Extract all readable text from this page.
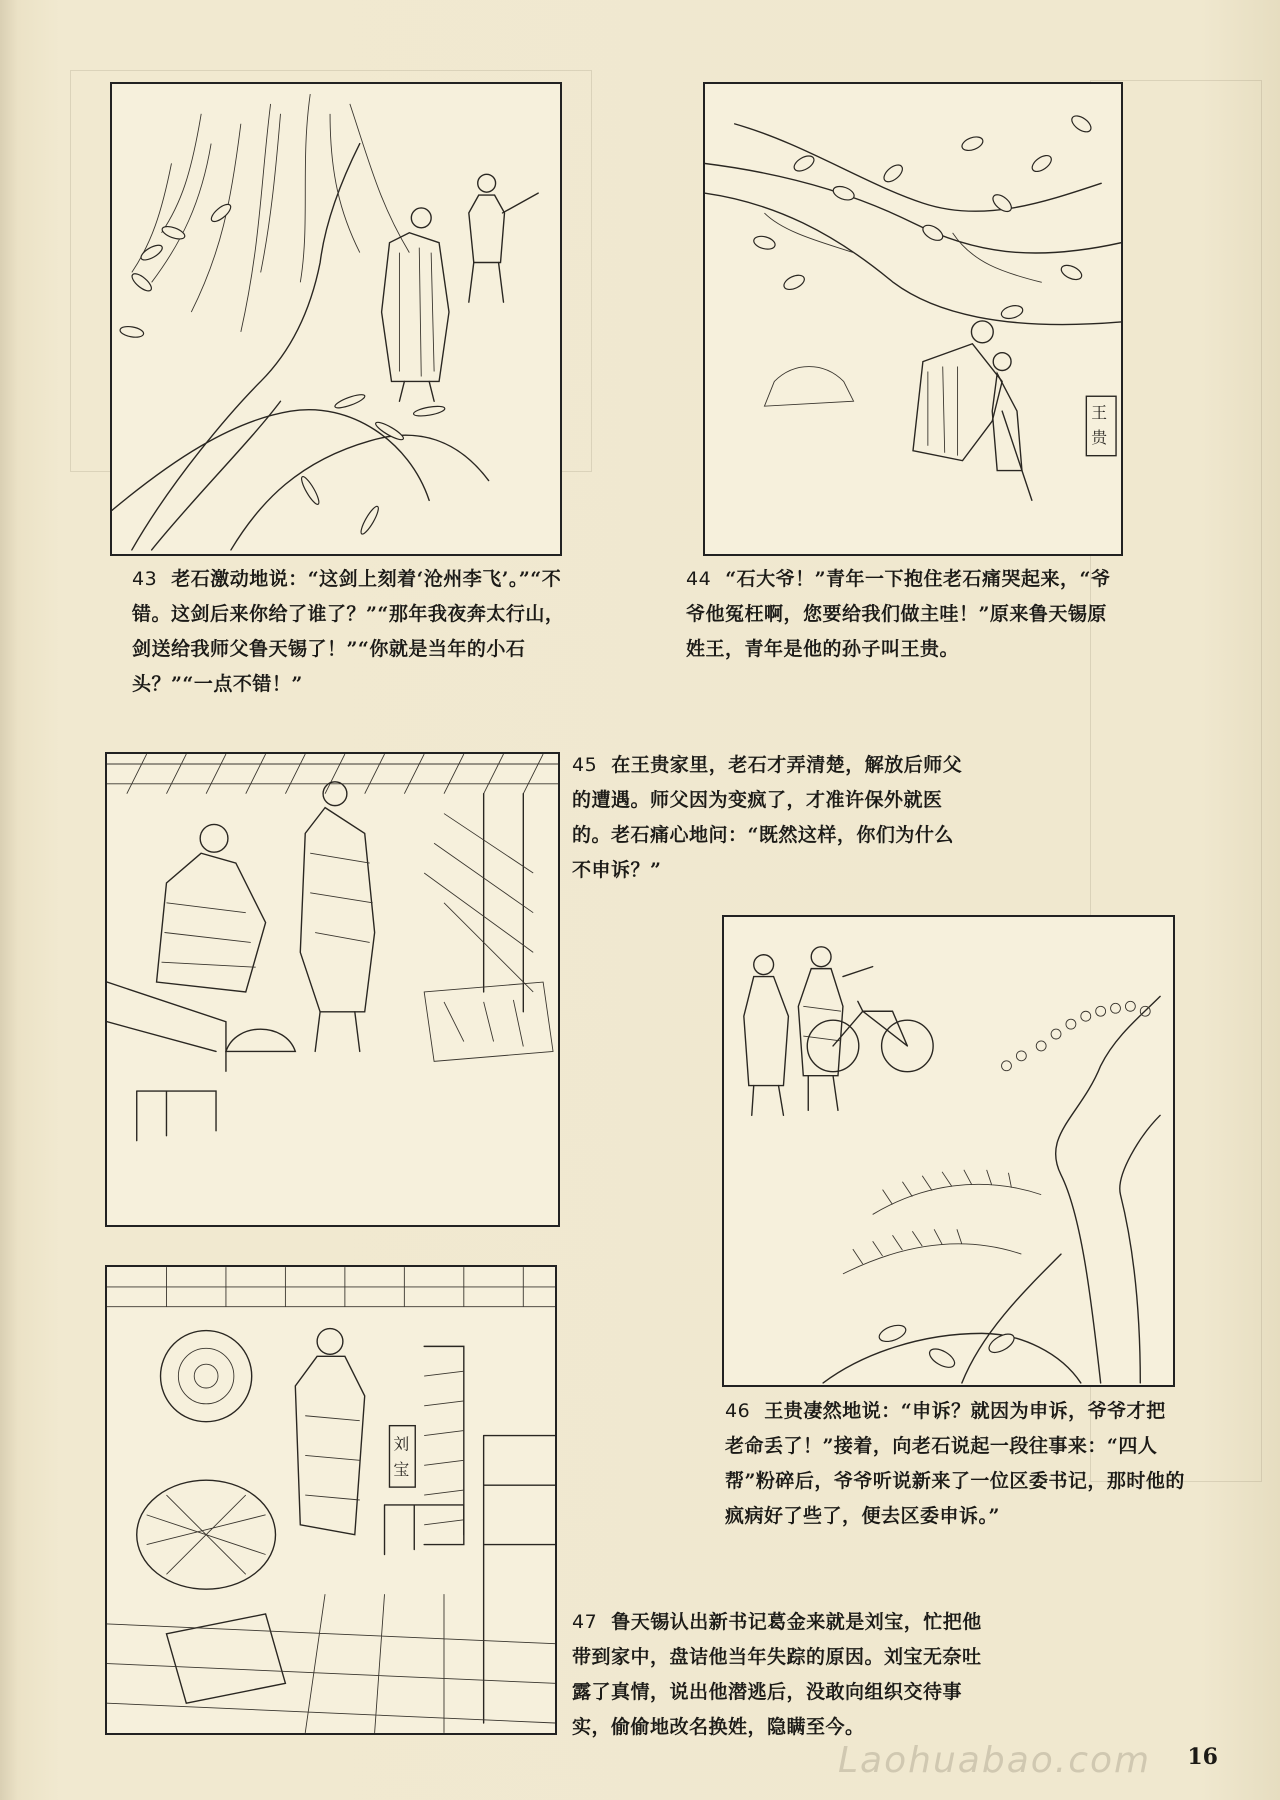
43 老石激动地说：“这剑上刻着‘沧州李飞’。”“不错。这剑后来你给了谁了？”“那年我夜奔太行山，剑送给我师父鲁天锡了！”“你就是当年的小石头？”“一点不错！”
王
贵
44 “石大爷！”青年一下抱住老石痛哭起来，“爷爷他冤枉啊，您要给我们做主哇！”原来鲁天锡原姓王，青年是他的孙子叫王贵。
45 在王贵家里，老石才弄清楚，解放后师父的遭遇。师父因为变疯了，才准许保外就医的。老石痛心地问：“既然这样，你们为什么不申诉？”
46 王贵凄然地说：“申诉？就因为申诉，爷爷才把老命丢了！”接着，向老石说起一段往事来：“四人帮”粉碎后，爷爷听说新来了一位区委书记，那时他的疯病好了些了，便去区委申诉。”
刘
宝
47 鲁天锡认出新书记葛金来就是刘宝，忙把他带到家中，盘诘他当年失踪的原因。刘宝无奈吐露了真情，说出他潜逃后，没敢向组织交待事实，偷偷地改名换姓，隐瞒至今。
Laohuabao.com 16
